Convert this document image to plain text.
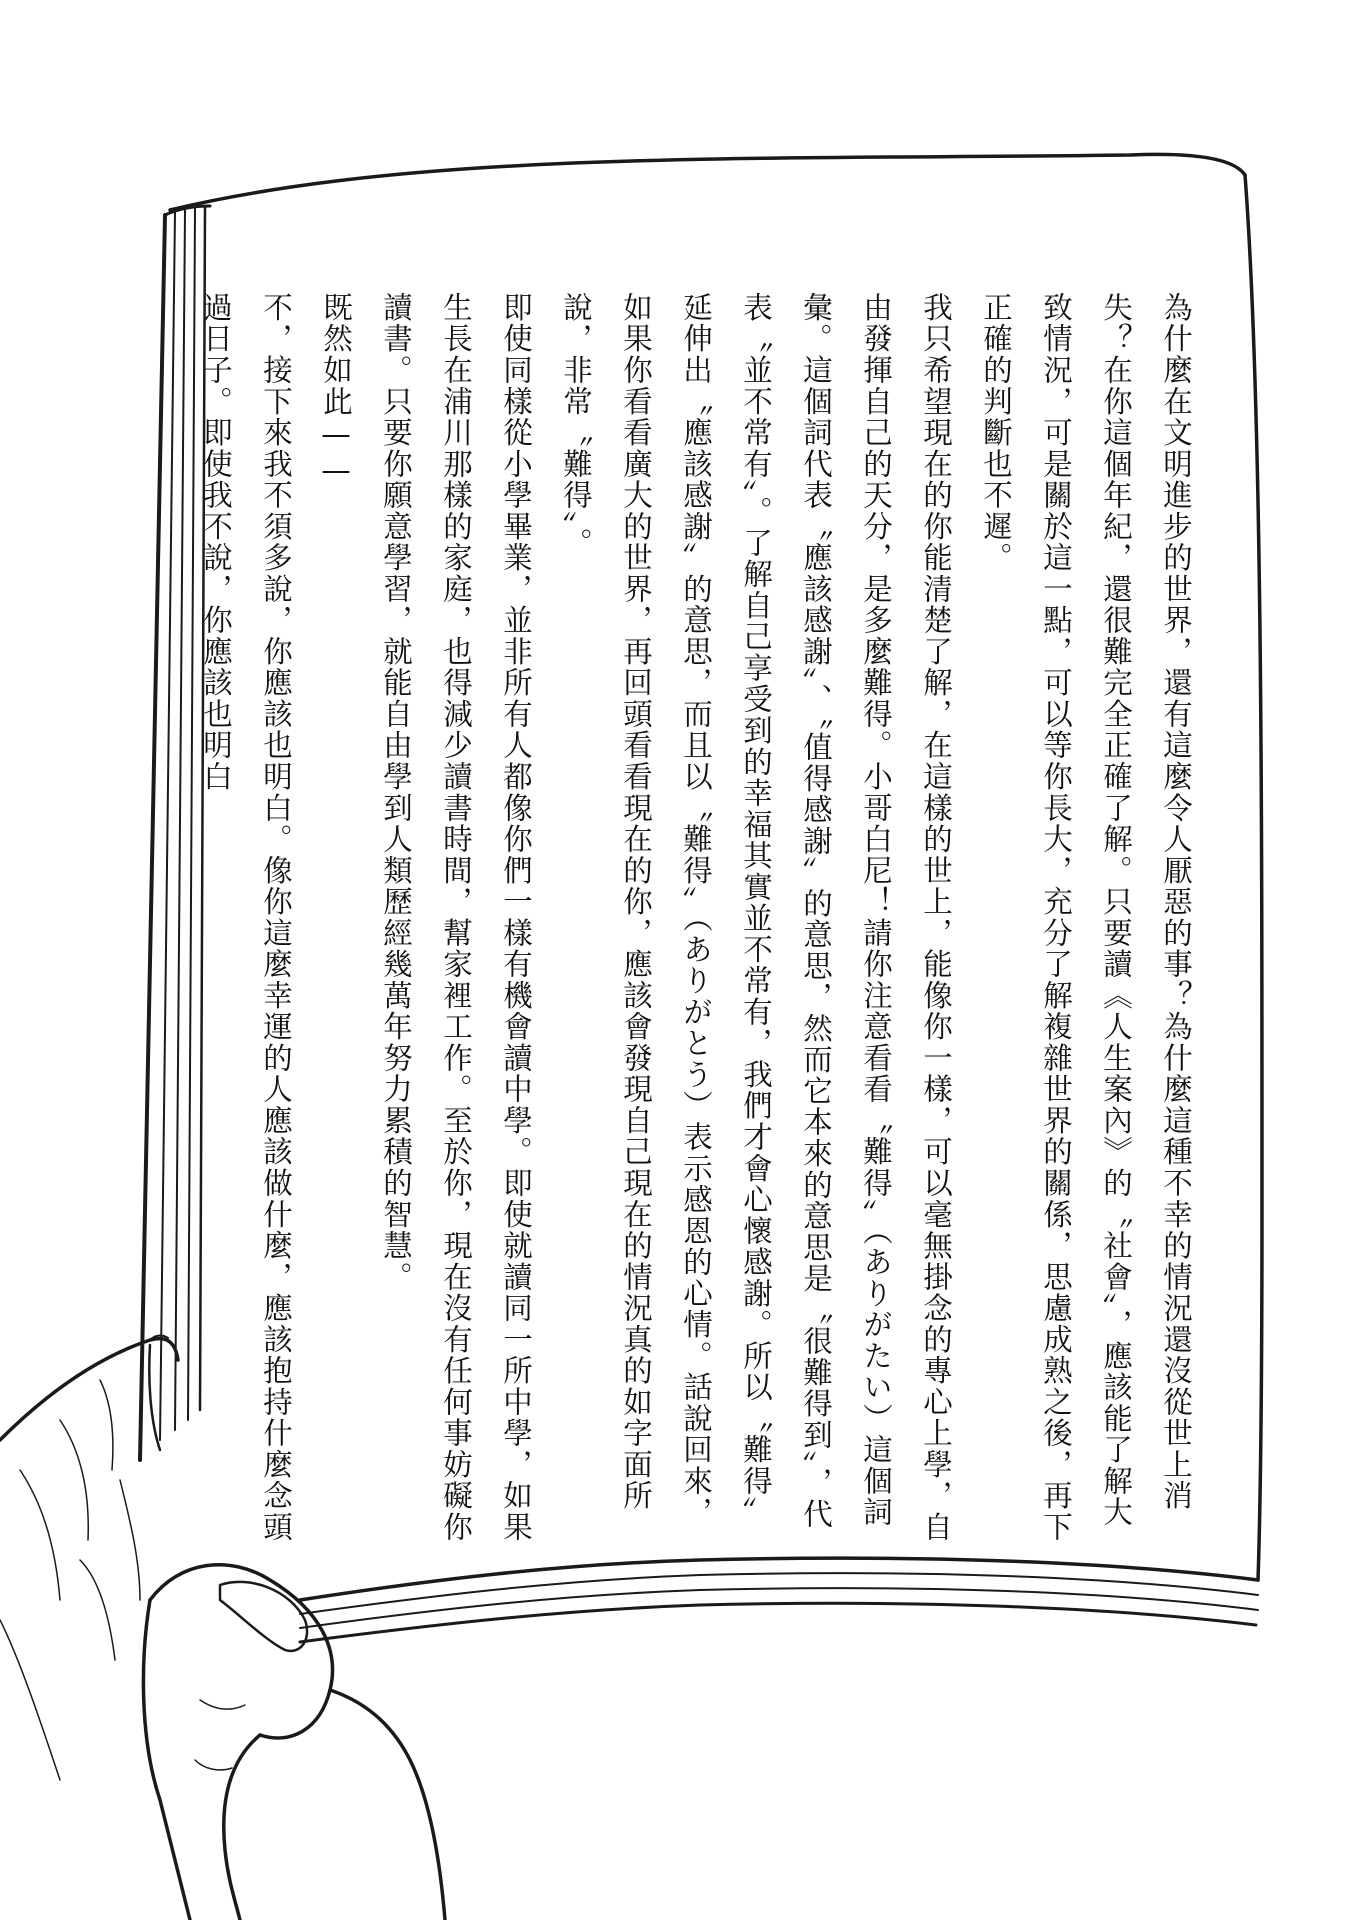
為什麼在文明進步的世界，還有這麼令人厭惡的事？為什麼這種不幸的情況還沒從世上消失？在你這個年紀，還很難完全正確了解。只要讀《人生案內》的〝社會〞，應該能了解大致情況，可是關於這一點，可以等你長大，充分了解複雜世界的關係，思慮成熟之後，再下正確的判斷也不遲。

我只希望現在的你能清楚了解，在這樣的世上，能像你一樣，可以毫無掛念的專心上學，自由發揮自己的天分，是多麼難得。小哥白尼！請你注意看看〝難得〞（ありがたい）這個詞彙。這個詞代表〝應該感謝〞、〝值得感謝〞的意思，然而它本來的意思是〝很難得到〞，代表〝並不常有〞。了解自己享受到的幸福其實並不常有，我們才會心懷感謝。所以〝難得〞延伸出〝應該感謝〞的意思，而且以〝難得〞（ありがとう）表示感恩的心情。話說回來，如果你看看廣大的世界，再回頭看看現在的你，應該會發現自己現在的情況真的如字面所說，非常〝難得〞。

即使同樣從小學畢業，並非所有人都像你們一樣有機會讀中學。即使就讀同一所中學，如果生長在浦川那樣的家庭，也得減少讀書時間，幫家裡工作。至於你，現在沒有任何事妨礙你讀書。只要你願意學習，就能自由學到人類歷經幾萬年努力累積的智慧。

既然如此——

不，接下來我不須多說，你應該也明白。像你這麼幸運的人應該做什麼，應該抱持什麼念頭過日子。即使我不說，你應該也明白
